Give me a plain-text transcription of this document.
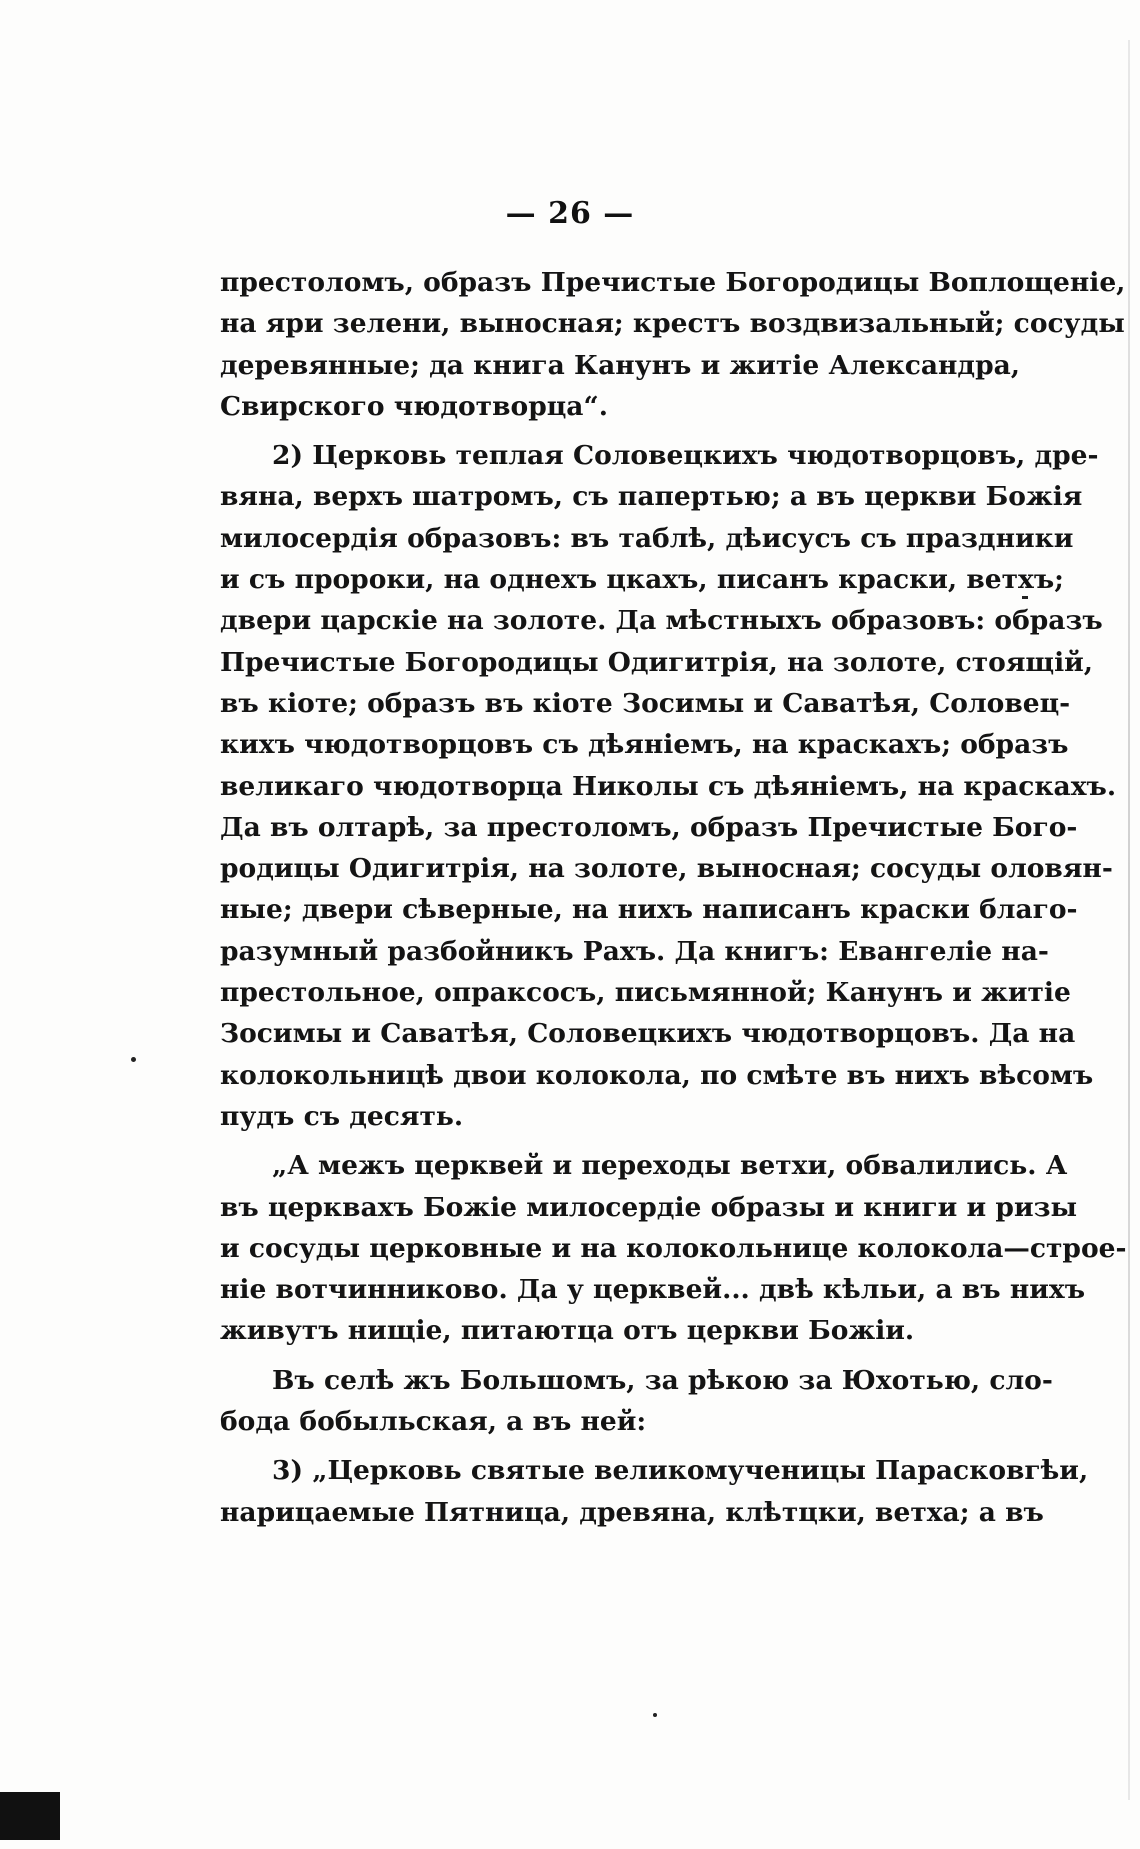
— 26 —
престоломъ, образъ Пречистые Богородицы Воплощеніе,
на яри зелени, выносная; крестъ воздвизальный; сосуды
деревянные; да книга Канунъ и житіе Александра,
Свирского чюдотворца“.
2) Церковь теплая Соловецкихъ чюдотворцовъ, дре-
вяна, верхъ шатромъ, съ папертью; а въ церкви Божія
милосердія образовъ: въ таблѣ, дѣисусъ съ праздники
и съ пророки, на однехъ цкахъ, писанъ краски, ветхъ;
двери царскіе на золоте. Да мѣстныхъ образовъ: образъ
Пречистые Богородицы Одигитрія, на золоте, стоящій,
въ кіоте; образъ въ кіоте Зосимы и Саватѣя, Соловец-
кихъ чюдотворцовъ съ дѣяніемъ, на краскахъ; образъ
великаго чюдотворца Николы съ дѣяніемъ, на краскахъ.
Да въ олтарѣ, за престоломъ, образъ Пречистые Бого-
родицы Одигитрія, на золоте, выносная; сосуды оловян-
ные; двери сѣверные, на нихъ написанъ краски благо-
разумный разбойникъ Рахъ. Да книгъ: Евангеліе на-
престольное, опраксосъ, письмянной; Канунъ и житіе
Зосимы и Саватѣя, Соловецкихъ чюдотворцовъ. Да на
колокольницѣ двои колокола, по смѣте въ нихъ вѣсомъ
пудъ съ десять.
„А межъ церквей и переходы ветхи, обвалились. А
въ церквахъ Божіе милосердіе образы и книги и ризы
и сосуды церковные и на колокольнице колокола—строе-
ніе вотчинниково. Да у церквей... двѣ кѣльи, а въ нихъ
живутъ нищіе, питаютца отъ церкви Божіи.
Въ селѣ жъ Большомъ, за рѣкою за Юхотью, сло-
бода бобыльская, а въ ней:
3) „Церковь святые великомученицы Парасковгѣи,
нарицаемые Пятница, древяна, клѣтцки, ветха; а въ
